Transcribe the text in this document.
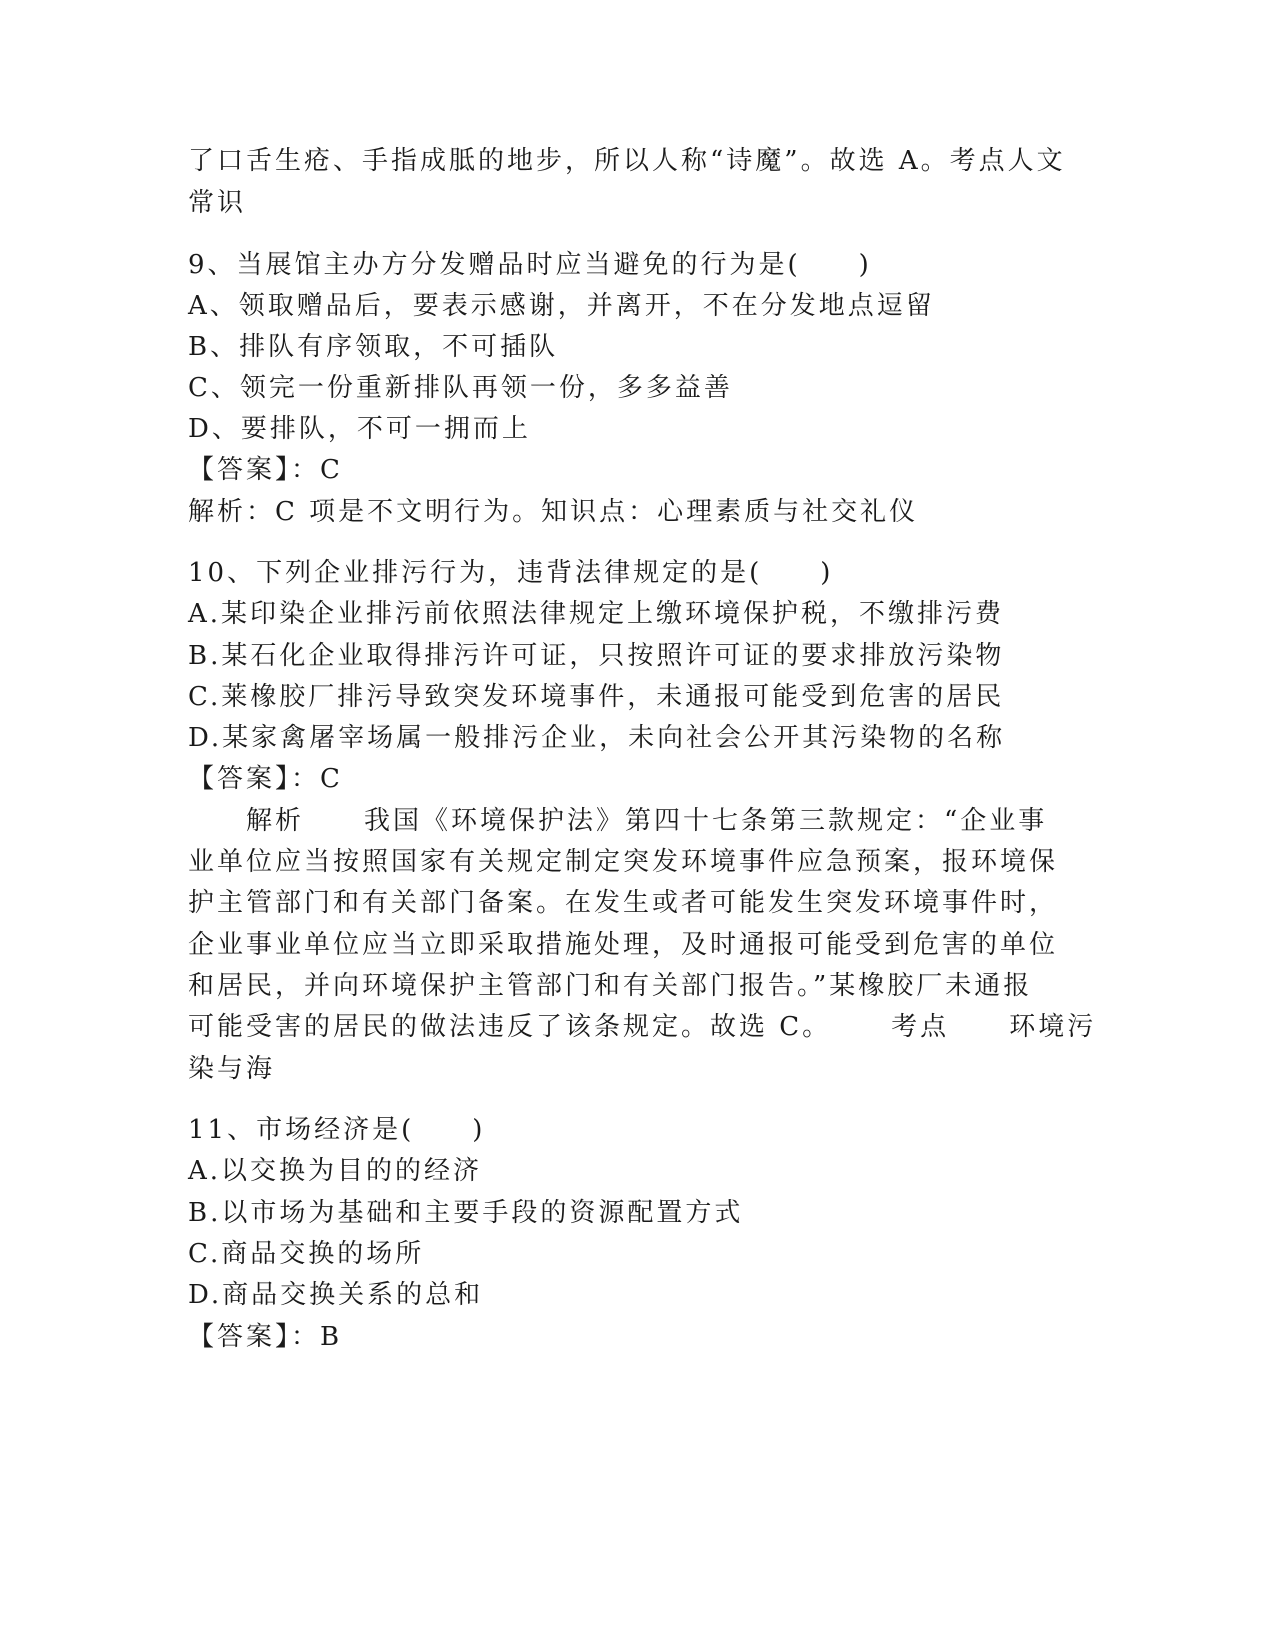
了口舌生疮、手指成胝的地步，所以人称“诗魔”。故选 A。考点人文

常识

9、当展馆主办方分发赠品时应当避免的行为是(　　)

A、领取赠品后，要表示感谢，并离开，不在分发地点逗留

B、排队有序领取，不可插队

C、领完一份重新排队再领一份，多多益善

D、要排队，不可一拥而上

【答案】：C

解析：C 项是不文明行为。知识点：心理素质与社交礼仪

10、下列企业排污行为，违背法律规定的是(　　)

A.某印染企业排污前依照法律规定上缴环境保护税，不缴排污费

B.某石化企业取得排污许可证，只按照许可证的要求排放污染物

C.莱橡胶厂排污导致突发环境事件，未通报可能受到危害的居民

D.某家禽屠宰场属一般排污企业，未向社会公开其污染物的名称

【答案】：C

解析 我国《环境保护法》第四十七条第三款规定：“企业事

业单位应当按照国家有关规定制定突发环境事件应急预案，报环境保

护主管部门和有关部门备案。在发生或者可能发生突发环境事件时，

企业事业单位应当立即采取措施处理，及时通报可能受到危害的单位

和居民，并向环境保护主管部门和有关部门报告。”某橡胶厂未通报

可能受害的居民的做法违反了该条规定。故选 C。 考点 环境污

染与海

11、市场经济是(　　)

A.以交换为目的的经济

B.以市场为基础和主要手段的资源配置方式

C.商品交换的场所

D.商品交换关系的总和

【答案】：B
